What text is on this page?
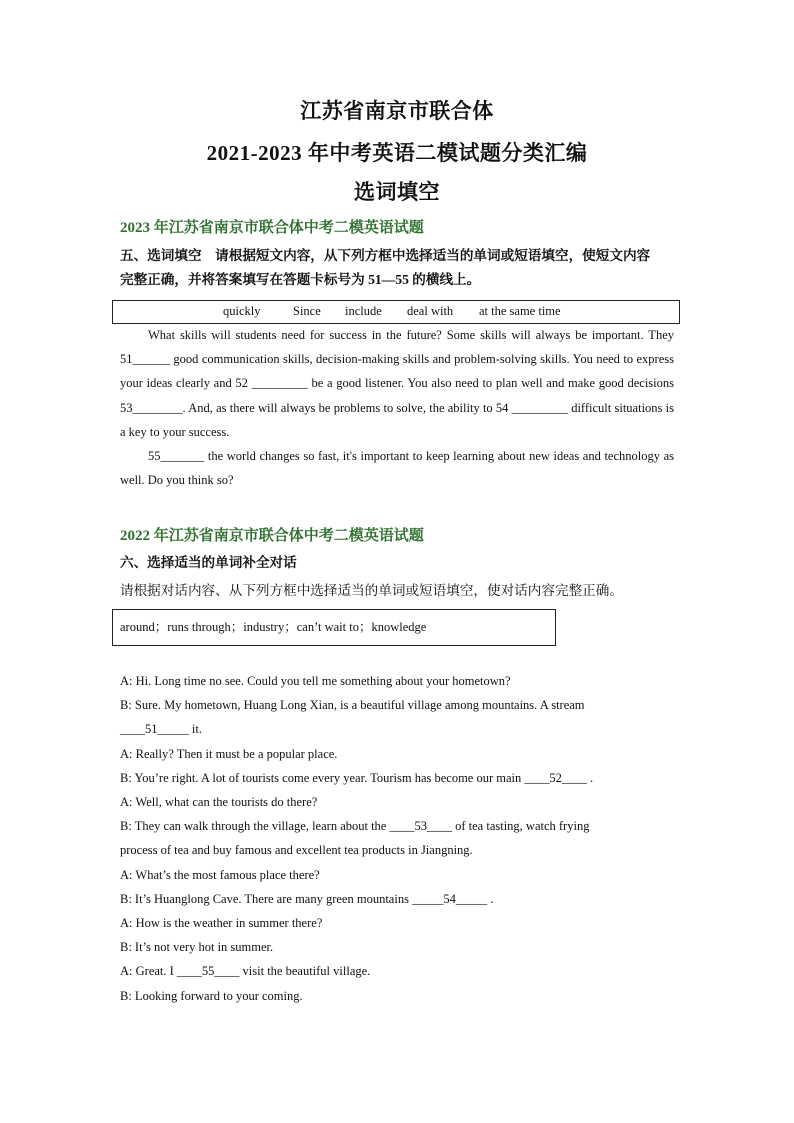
江苏省南京市联合体
2021-2023 年中考英语二模试题分类汇编
选词填空
2023 年江苏省南京市联合体中考二模英语试题
五、选词填空　请根据短文内容，从下列方框中选择适当的单词或短语填空，使短文内容
完整正确，并将答案填写在答题卡标号为 51—55 的横线上。
quickly	Since include deal with at the same time
What skills will students need for success in the future? Some skills will always be important. They 51______ good communication skills, decision-making skills and problem-solving skills. You need to express your ideas clearly and 52 _________ be a good listener. You also need to plan well and make good decisions 53________. And, as there will always be problems to solve, the ability to 54 _________ difficult situations is a key to your success.
55_______ the world changes so fast, it's important to keep learning about new ideas and technology as well. Do you think so?
2022 年江苏省南京市联合体中考二模英语试题
六、选择适当的单词补全对话
请根据对话内容、从下列方框中选择适当的单词或短语填空，使对话内容完整正确。
around；runs through；industry；can’t wait to；knowledge
A: Hi. Long time no see. Could you tell me something about your hometown?
B: Sure. My hometown, Huang Long Xian, is a beautiful village among mountains. A stream
____51_____ it.
A: Really? Then it must be a popular place.
B: You’re right. A lot of tourists come every year. Tourism has become our main ____52____ .
A: Well, what can the tourists do there?
B: They can walk through the village, learn about the ____53____ of tea tasting, watch frying
process of tea and buy famous and excellent tea products in Jiangning.
A: What’s the most famous place there?
B: It’s Huanglong Cave. There are many green mountains _____54_____ .
A: How is the weather in summer there?
B: It’s not very hot in summer.
A: Great. I ____55____ visit the beautiful village.
B: Looking forward to your coming.
